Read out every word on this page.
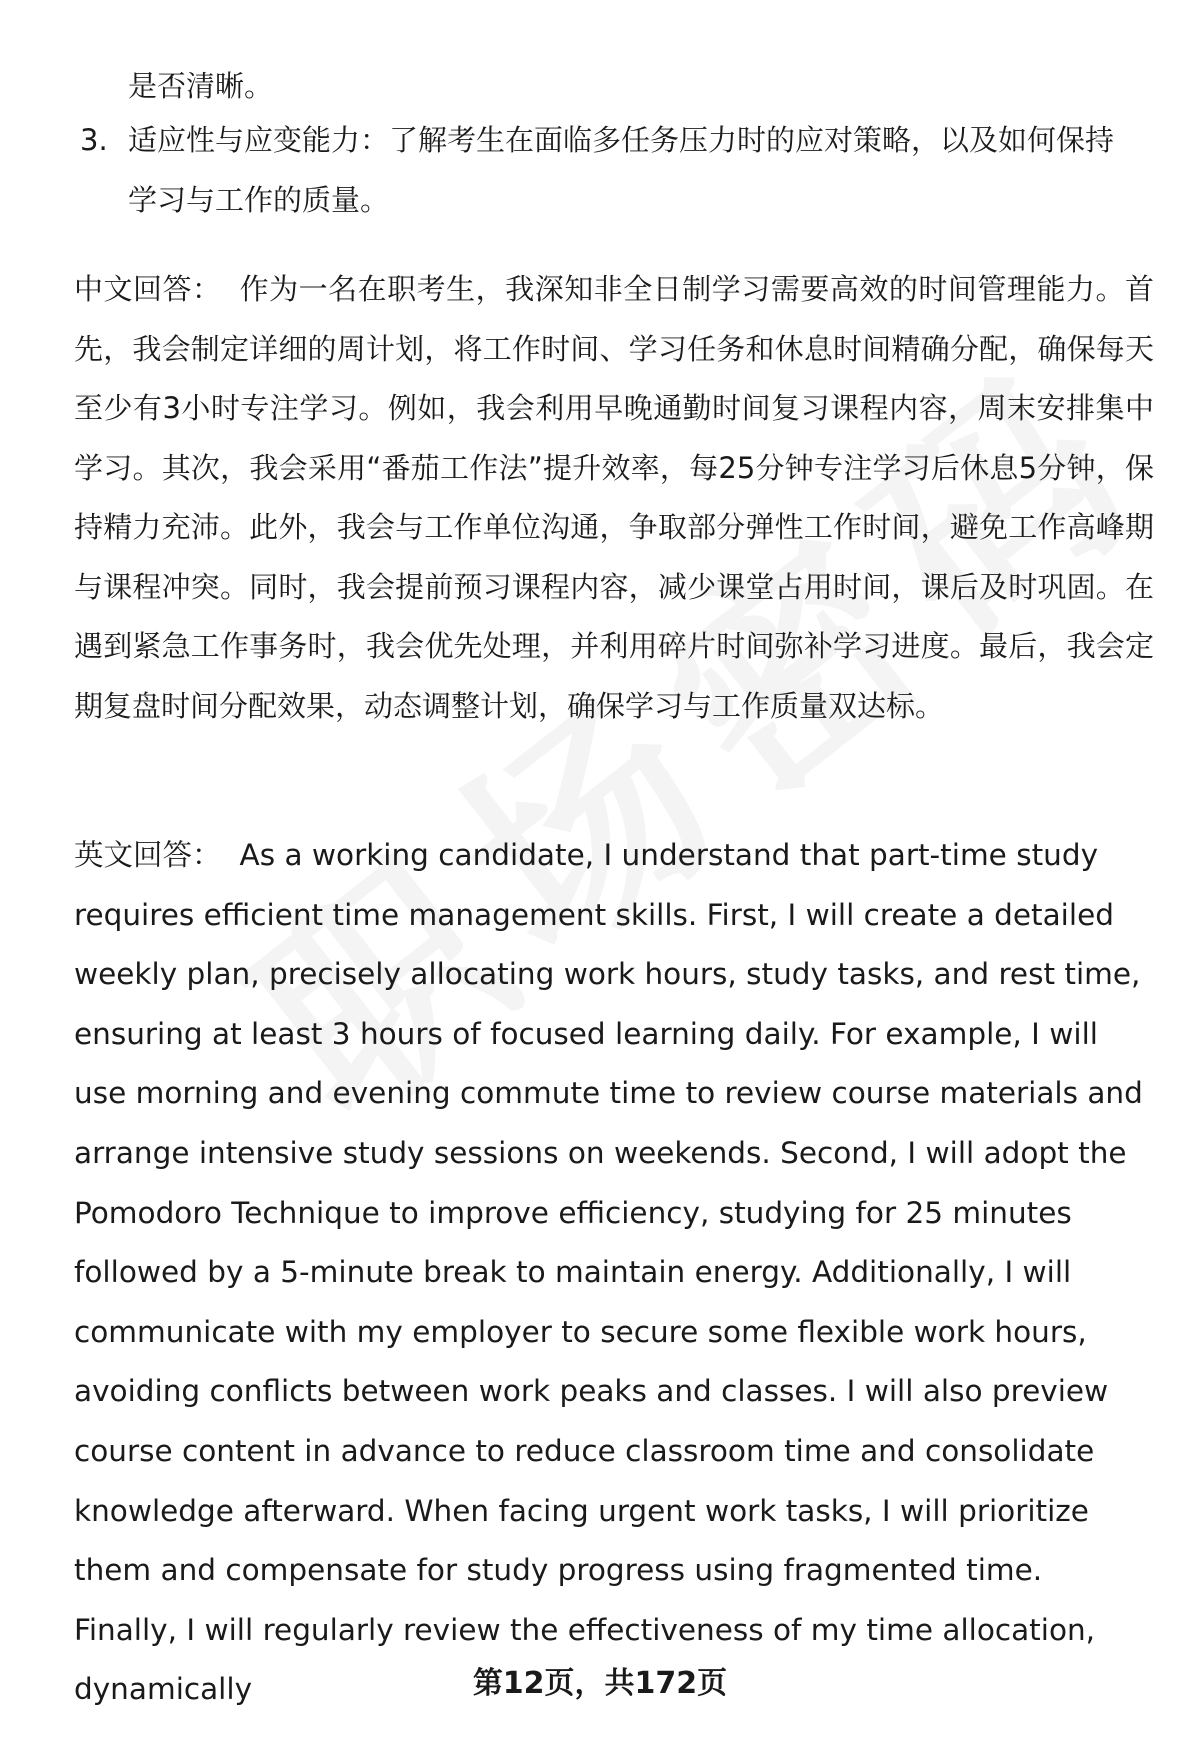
是否清晰。
3. 适应性与应变能力：了解考生在面临多任务压力时的应对策略，以及如何保持学习与工作的质量。
中文回答： 作为一名在职考生，我深知非全日制学习需要高效的时间管理能力。首先，我会制定详细的周计划，将工作时间、学习任务和休息时间精确分配，确保每天至少有3小时专注学习。例如，我会利用早晚通勤时间复习课程内容，周末安排集中学习。其次，我会采用“番茄工作法”提升效率，每25分钟专注学习后休息5分钟，保持精力充沛。此外，我会与工作单位沟通，争取部分弹性工作时间，避免工作高峰期与课程冲突。同时，我会提前预习课程内容，减少课堂占用时间，课后及时巩固。在遇到紧急工作事务时，我会优先处理，并利用碎片时间弥补学习进度。最后，我会定期复盘时间分配效果，动态调整计划，确保学习与工作质量双达标。
英文回答： As a working candidate, I understand that part-time study requires efficient time management skills. First, I will create a detailed weekly plan, precisely allocating work hours, study tasks, and rest time, ensuring at least 3 hours of focused learning daily. For example, I will use morning and evening commute time to review course materials and arrange intensive study sessions on weekends. Second, I will adopt the Pomodoro Technique to improve efficiency, studying for 25 minutes followed by a 5-minute break to maintain energy. Additionally, I will communicate with my employer to secure some flexible work hours, avoiding conflicts between work peaks and classes. I will also preview course content in advance to reduce classroom time and consolidate knowledge afterward. When facing urgent work tasks, I will prioritize them and compensate for study progress using fragmented time. Finally, I will regularly review the effectiveness of my time allocation, dynamically	第12页，共172页
